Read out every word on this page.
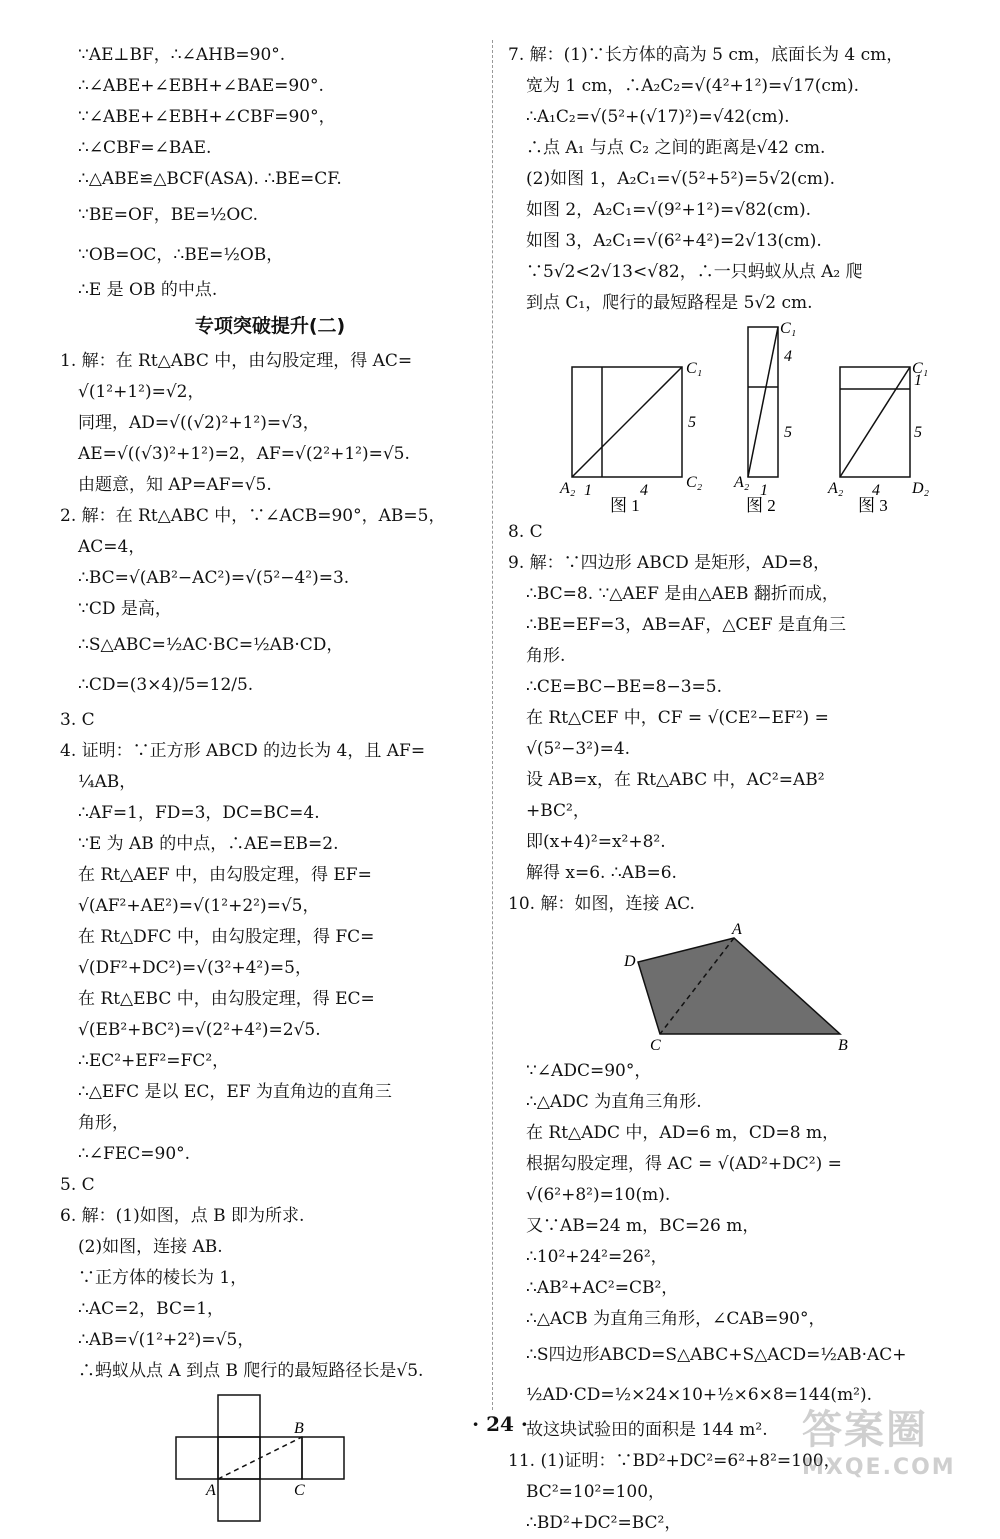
∵AE⊥BF，∴∠AHB=90°.
∴∠ABE+∠EBH+∠BAE=90°.
∵∠ABE+∠EBH+∠CBF=90°，
∴∠CBF=∠BAE.
∴△ABE≌△BCF(ASA). ∴BE=CF.
∵BE=OF，BE=½OC.
∵OB=OC，∴BE=½OB，
∴E 是 OB 的中点.
专项突破提升(二)
1. 解：在 Rt△ABC 中，由勾股定理，得 AC=
√(1²+1²)=√2，
同理，AD=√((√2)²+1²)=√3，
AE=√((√3)²+1²)=2，AF=√(2²+1²)=√5.
由题意，知 AP=AF=√5.
2. 解：在 Rt△ABC 中，∵∠ACB=90°，AB=5，
AC=4，
∴BC=√(AB²−AC²)=√(5²−4²)=3.
∵CD 是高，
∴S△ABC=½AC·BC=½AB·CD，
∴CD=(3×4)/5=12/5.
3. C
4. 证明：∵正方形 ABCD 的边长为 4，且 AF=
¼AB，
∴AF=1，FD=3，DC=BC=4.
∵E 为 AB 的中点，∴AE=EB=2.
在 Rt△AEF 中，由勾股定理，得 EF=
√(AF²+AE²)=√(1²+2²)=√5，
在 Rt△DFC 中，由勾股定理，得 FC=
√(DF²+DC²)=√(3²+4²)=5，
在 Rt△EBC 中，由勾股定理，得 EC=
√(EB²+BC²)=√(2²+4²)=2√5.
∴EC²+EF²=FC²，
∴△EFC 是以 EC，EF 为直角边的直角三
角形，
∴∠FEC=90°.
5. C
6. 解：(1)如图，点 B 即为所求.
(2)如图，连接 AB.
∵正方体的棱长为 1，
∴AC=2，BC=1，
∴AB=√(1²+2²)=√5，
∴蚂蚁从点 A 到点 B 爬行的最短路径长是√5.
A
B
C
7. 解：(1)∵长方体的高为 5 cm，底面长为 4 cm，
宽为 1 cm，∴A₂C₂=√(4²+1²)=√17(cm).
∴A₁C₂=√(5²+(√17)²)=√42(cm).
∴点 A₁ 与点 C₂ 之间的距离是√42 cm.
(2)如图 1，A₂C₁=√(5²+5²)=5√2(cm).
如图 2，A₂C₁=√(9²+1²)=√82(cm).
如图 3，A₂C₁=√(6²+4²)=2√13(cm).
∵5√2<2√13<√82，∴一只蚂蚁从点 A₂ 爬
到点 C₁，爬行的最短路程是 5√2 cm.
C₁
5
C₂
A₂ 1	4
C₁
4
5
A₂ 1
C₁
1
5
A₂ 4 D₂
图 1	图 2	图 3
8. C
9. 解：∵四边形 ABCD 是矩形，AD=8，
∴BC=8. ∵△AEF 是由△AEB 翻折而成，
∴BE=EF=3，AB=AF，△CEF 是直角三
角形.
∴CE=BC−BE=8−3=5.
在 Rt△CEF 中，CF = √(CE²−EF²) =
√(5²−3²)=4.
设 AB=x，在 Rt△ABC 中，AC²=AB²
+BC²，
即(x+4)²=x²+8².
解得 x=6. ∴AB=6.
10. 解：如图，连接 AC.
A
D
C	B
∵∠ADC=90°，
∴△ADC 为直角三角形.
在 Rt△ADC 中，AD=6 m，CD=8 m，
根据勾股定理，得 AC = √(AD²+DC²) =
√(6²+8²)=10(m).
又∵AB=24 m，BC=26 m，
∴10²+24²=26²，
∴AB²+AC²=CB²，
∴△ACB 为直角三角形，∠CAB=90°，
∴S四边形ABCD=S△ABC+S△ACD=½AB·AC+
½AD·CD=½×24×10+½×6×8=144(m²).
故这块试验田的面积是 144 m².
11. (1)证明：∵BD²+DC²=6²+8²=100，
BC²=10²=100，
∴BD²+DC²=BC²，
· 24 ·	答案圈
MXQE.COM
